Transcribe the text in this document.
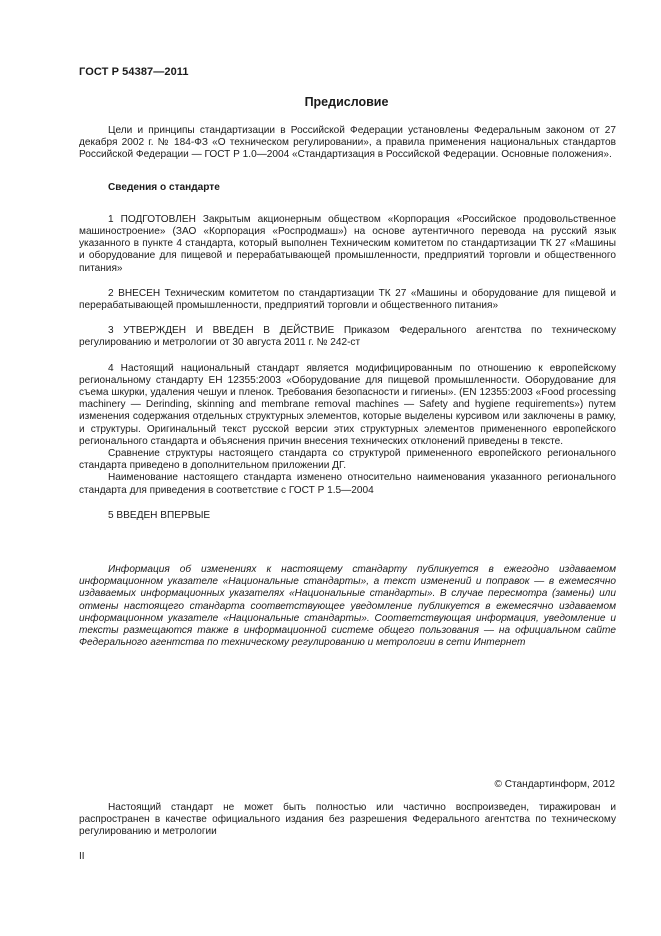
ГОСТ Р 54387—2011
Предисловие

Цели и принципы стандартизации в Российской Федерации установлены Федеральным законом от 27 декабря 2002 г. № 184-ФЗ «О техническом регулировании», а правила применения национальных стандартов Российской Федерации — ГОСТ Р 1.0—2004 «Стандартизация в Российской Федерации. Основные положения».

Сведения о стандарте

1 ПОДГОТОВЛЕН Закрытым акционерным обществом «Корпорация «Российское продовольственное машиностроение» (ЗАО «Корпорация «Роспродмаш») на основе аутентичного перевода на русский язык указанного в пункте 4 стандарта, который выполнен Техническим комитетом по стандартизации ТК 27 «Машины и оборудование для пищевой и перерабатывающей промышленности, предприятий торговли и общественного питания»

2 ВНЕСЕН Техническим комитетом по стандартизации ТК 27 «Машины и оборудование для пищевой и перерабатывающей промышленности, предприятий торговли и общественного питания»

3 УТВЕРЖДЕН И ВВЕДЕН В ДЕЙСТВИЕ Приказом Федерального агентства по техническому регулированию и метрологии от 30 августа 2011 г. № 242-ст

4 Настоящий национальный стандарт является модифицированным по отношению к европейскому региональному стандарту ЕН 12355:2003 «Оборудование для пищевой промышленности. Оборудование для съема шкурки, удаления чешуи и пленок. Требования безопасности и гигиены». (EN 12355:2003 «Food processing machinery — Derinding, skinning and membrane removal machines — Safety and hygiene requirements») путем изменения содержания отдельных структурных элементов, которые выделены курсивом или заключены в рамку, и структуры. Оригинальный текст русской версии этих структурных элементов примененного европейского регионального стандарта и объяснения причин внесения технических отклонений приведены в тексте.

Сравнение структуры настоящего стандарта со структурой примененного европейского регионального стандарта приведено в дополнительном приложении ДГ.

Наименование настоящего стандарта изменено относительно наименования указанного регионального стандарта для приведения в соответствие с ГОСТ Р 1.5—2004

5 ВВЕДЕН ВПЕРВЫЕ

Информация об изменениях к настоящему стандарту публикуется в ежегодно издаваемом информационном указателе «Национальные стандарты», а текст изменений и поправок — в ежемесячно издаваемых информационных указателях «Национальные стандарты». В случае пересмотра (замены) или отмены настоящего стандарта соответствующее уведомление публикуется в ежемесячно издаваемом информационном указателе «Национальные стандарты». Соответствующая информация, уведомление и тексты размещаются также в информационной системе общего пользования — на официальном сайте Федерального агентства по техническому регулированию и метрологии в сети Интернет

© Стандартинформ, 2012

Настоящий стандарт не может быть полностью или частично воспроизведен, тиражирован и распространен в качестве официального издания без разрешения Федерального агентства по техническому регулированию и метрологии

II
